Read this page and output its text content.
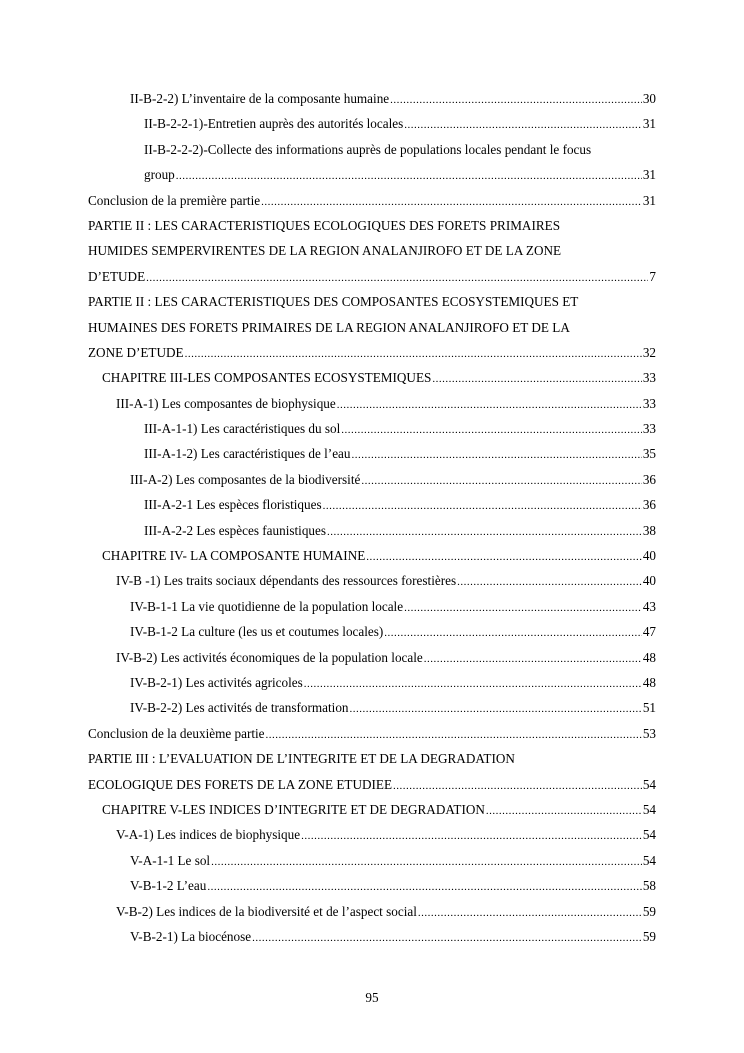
II-B-2-2) L’inventaire de la composante humaine .....	30
II-B-2-2-1)-Entretien auprès des autorités locales .....	31
II-B-2-2-2)-Collecte des informations auprès de populations locales pendant le focus
group .....	31
Conclusion de la première partie .....	31
PARTIE II : LES CARACTERISTIQUES ECOLOGIQUES DES FORETS PRIMAIRES
HUMIDES SEMPERVIRENTES DE LA REGION ANALANJIROFO ET DE LA ZONE
D’ETUDE .....	7
PARTIE II : LES CARACTERISTIQUES DES COMPOSANTES ECOSYSTEMIQUES ET
HUMAINES DES FORETS PRIMAIRES DE LA REGION ANALANJIROFO ET DE LA
ZONE D’ETUDE .....	32
CHAPITRE III-LES COMPOSANTES ECOSYSTEMIQUES .....	33
III-A-1) Les composantes de biophysique .....	33
III-A-1-1) Les caractéristiques du sol .....	33
III-A-1-2) Les caractéristiques de l’eau .....	35
III-A-2) Les composantes de la biodiversité .....	36
III-A-2-1 Les espèces floristiques .....	36
III-A-2-2 Les espèces faunistiques .....	38
CHAPITRE IV- LA COMPOSANTE HUMAINE .....	40
IV-B -1) Les traits sociaux dépendants des ressources forestières .....	40
IV-B-1-1 La vie quotidienne de la population locale .....	43
IV-B-1-2 La culture (les us et coutumes locales) .....	47
IV-B-2) Les activités économiques de la population locale .....	48
IV-B-2-1) Les activités agricoles .....	48
IV-B-2-2) Les activités de transformation .....	51
Conclusion de la deuxième partie .....	53
PARTIE III : L’EVALUATION DE L’INTEGRITE ET DE LA DEGRADATION
ECOLOGIQUE DES FORETS DE LA ZONE ETUDIEE .....	54
CHAPITRE V-LES INDICES D’INTEGRITE ET DE DEGRADATION .....	54
V-A-1) Les indices de biophysique .....	54
V-A-1-1 Le sol .....	54
V-B-1-2 L’eau .....	58
V-B-2) Les indices de la biodiversité et de l’aspect social .....	59
V-B-2-1) La biocénose .....	59
95
